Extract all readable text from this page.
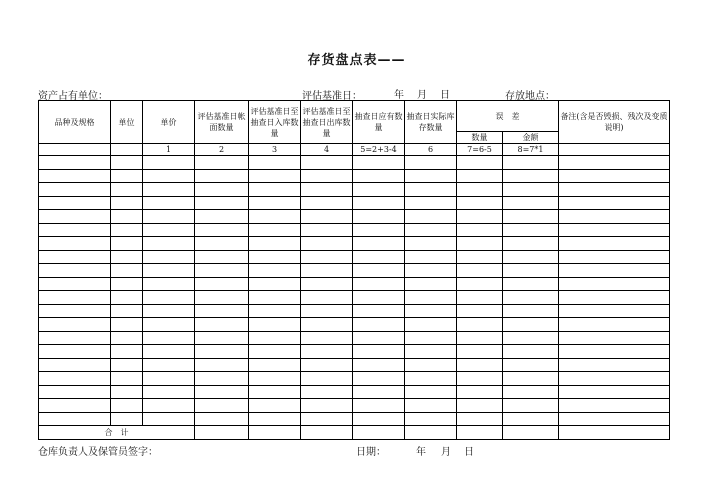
存货盘点表——
资产占有单位：	评估基准日：	年 月 日	存放地点：
品种及规格	单位	单价	评估基准日帐面数量	评估基准日至抽查日入库数量	评估基准日至抽查日出库数量	抽查日应有数量	抽查日实际库存数量	误　差		备注(含是否毁损、残次及变质说明)
								数量	金额	
		1	2	3	4	5=2+3-4	6	7=6-5	8=7*1	

合　计										
仓库负责人及保管员签字：	日期：	年 月 日
